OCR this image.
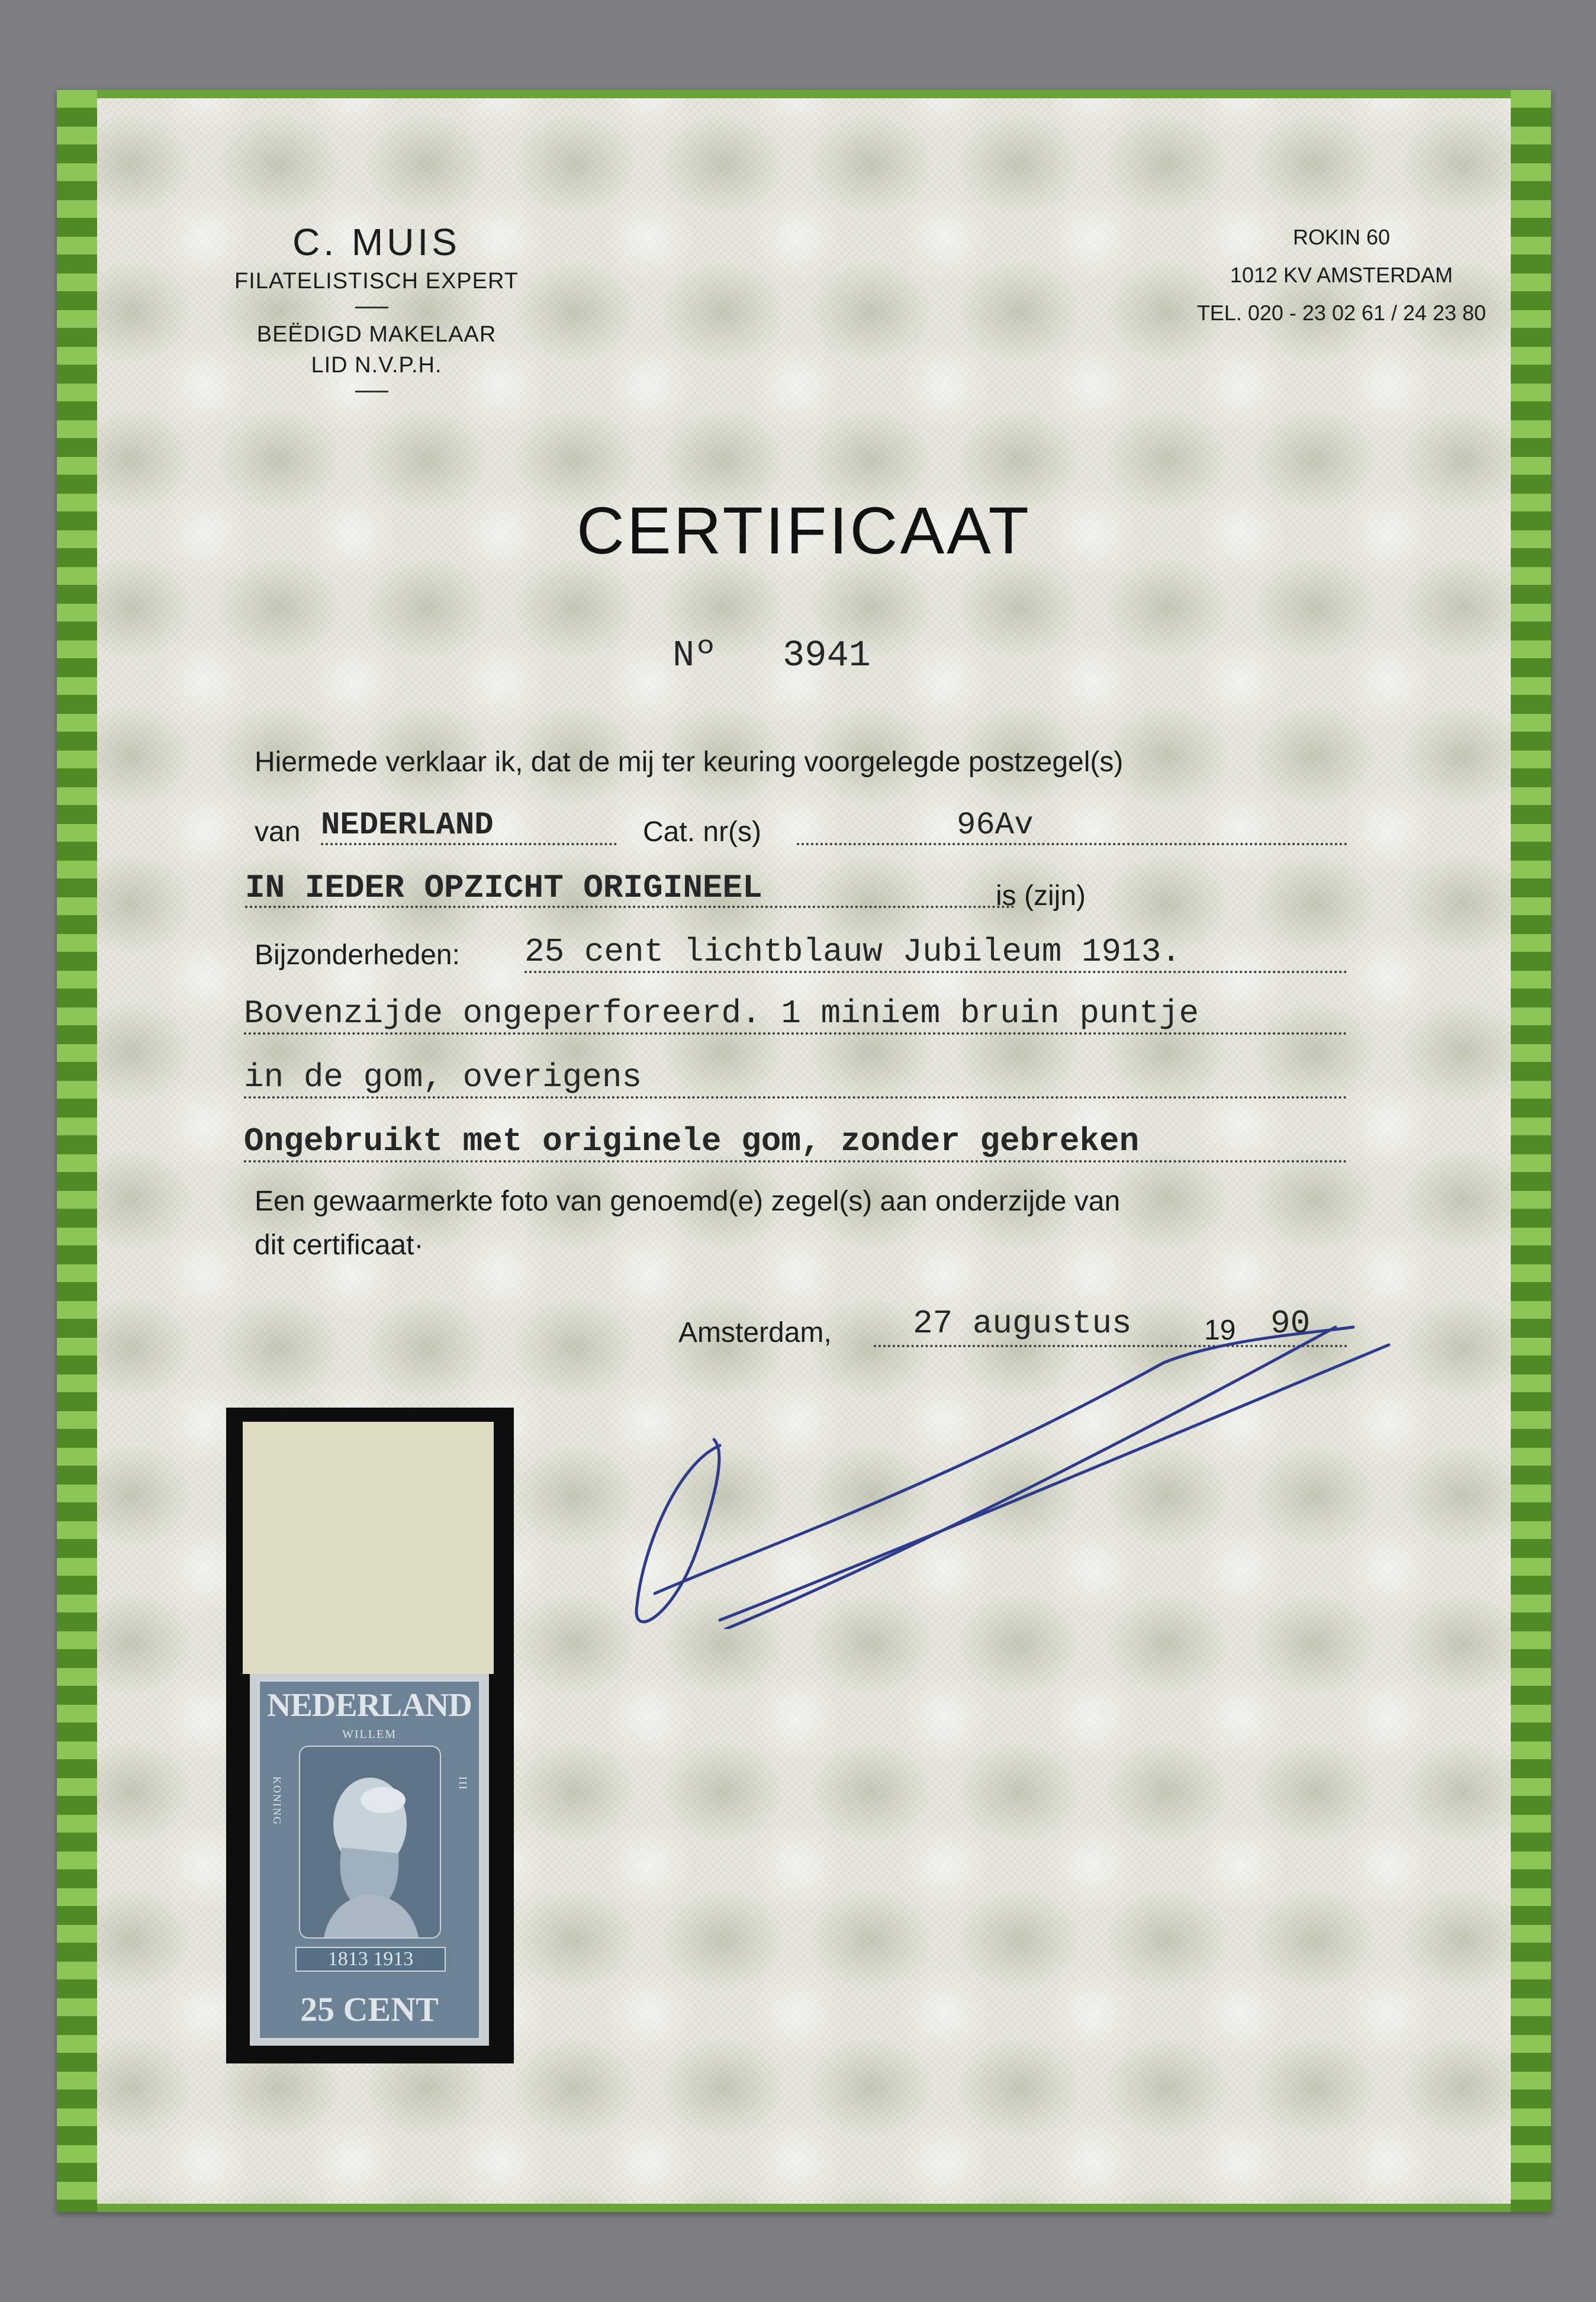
C. MUIS
FILATELISTISCH EXPERT
BEËDIGD MAKELAAR
LID N.V.P.H.
ROKIN 60
1012 KV AMSTERDAM
TEL. 020 - 23 02 61 / 24 23 80
CERTIFICAAT
Nº 3941
Hiermede verklaar ik, dat de mij ter keuring voorgelegde postzegel(s)
van NEDERLAND	Cat. nr(s)	96Av
IN IEDER OPZICHT ORIGINEEL	is (zijn)
Bijzonderheden: 25 cent lichtblauw Jubileum 1913.
Bovenzijde ongeperforeerd. 1 miniem bruin puntje
in de gom, overigens
Ongebruikt met originele gom, zonder gebreken
Een gewaarmerkte foto van genoemd(e) zegel(s) aan onderzijde van
dit certificaat·
Amsterdam, 27 augustus	19 90
NEDERLAND
WILLEM
KONING	III
1813 1913
25 CENT
